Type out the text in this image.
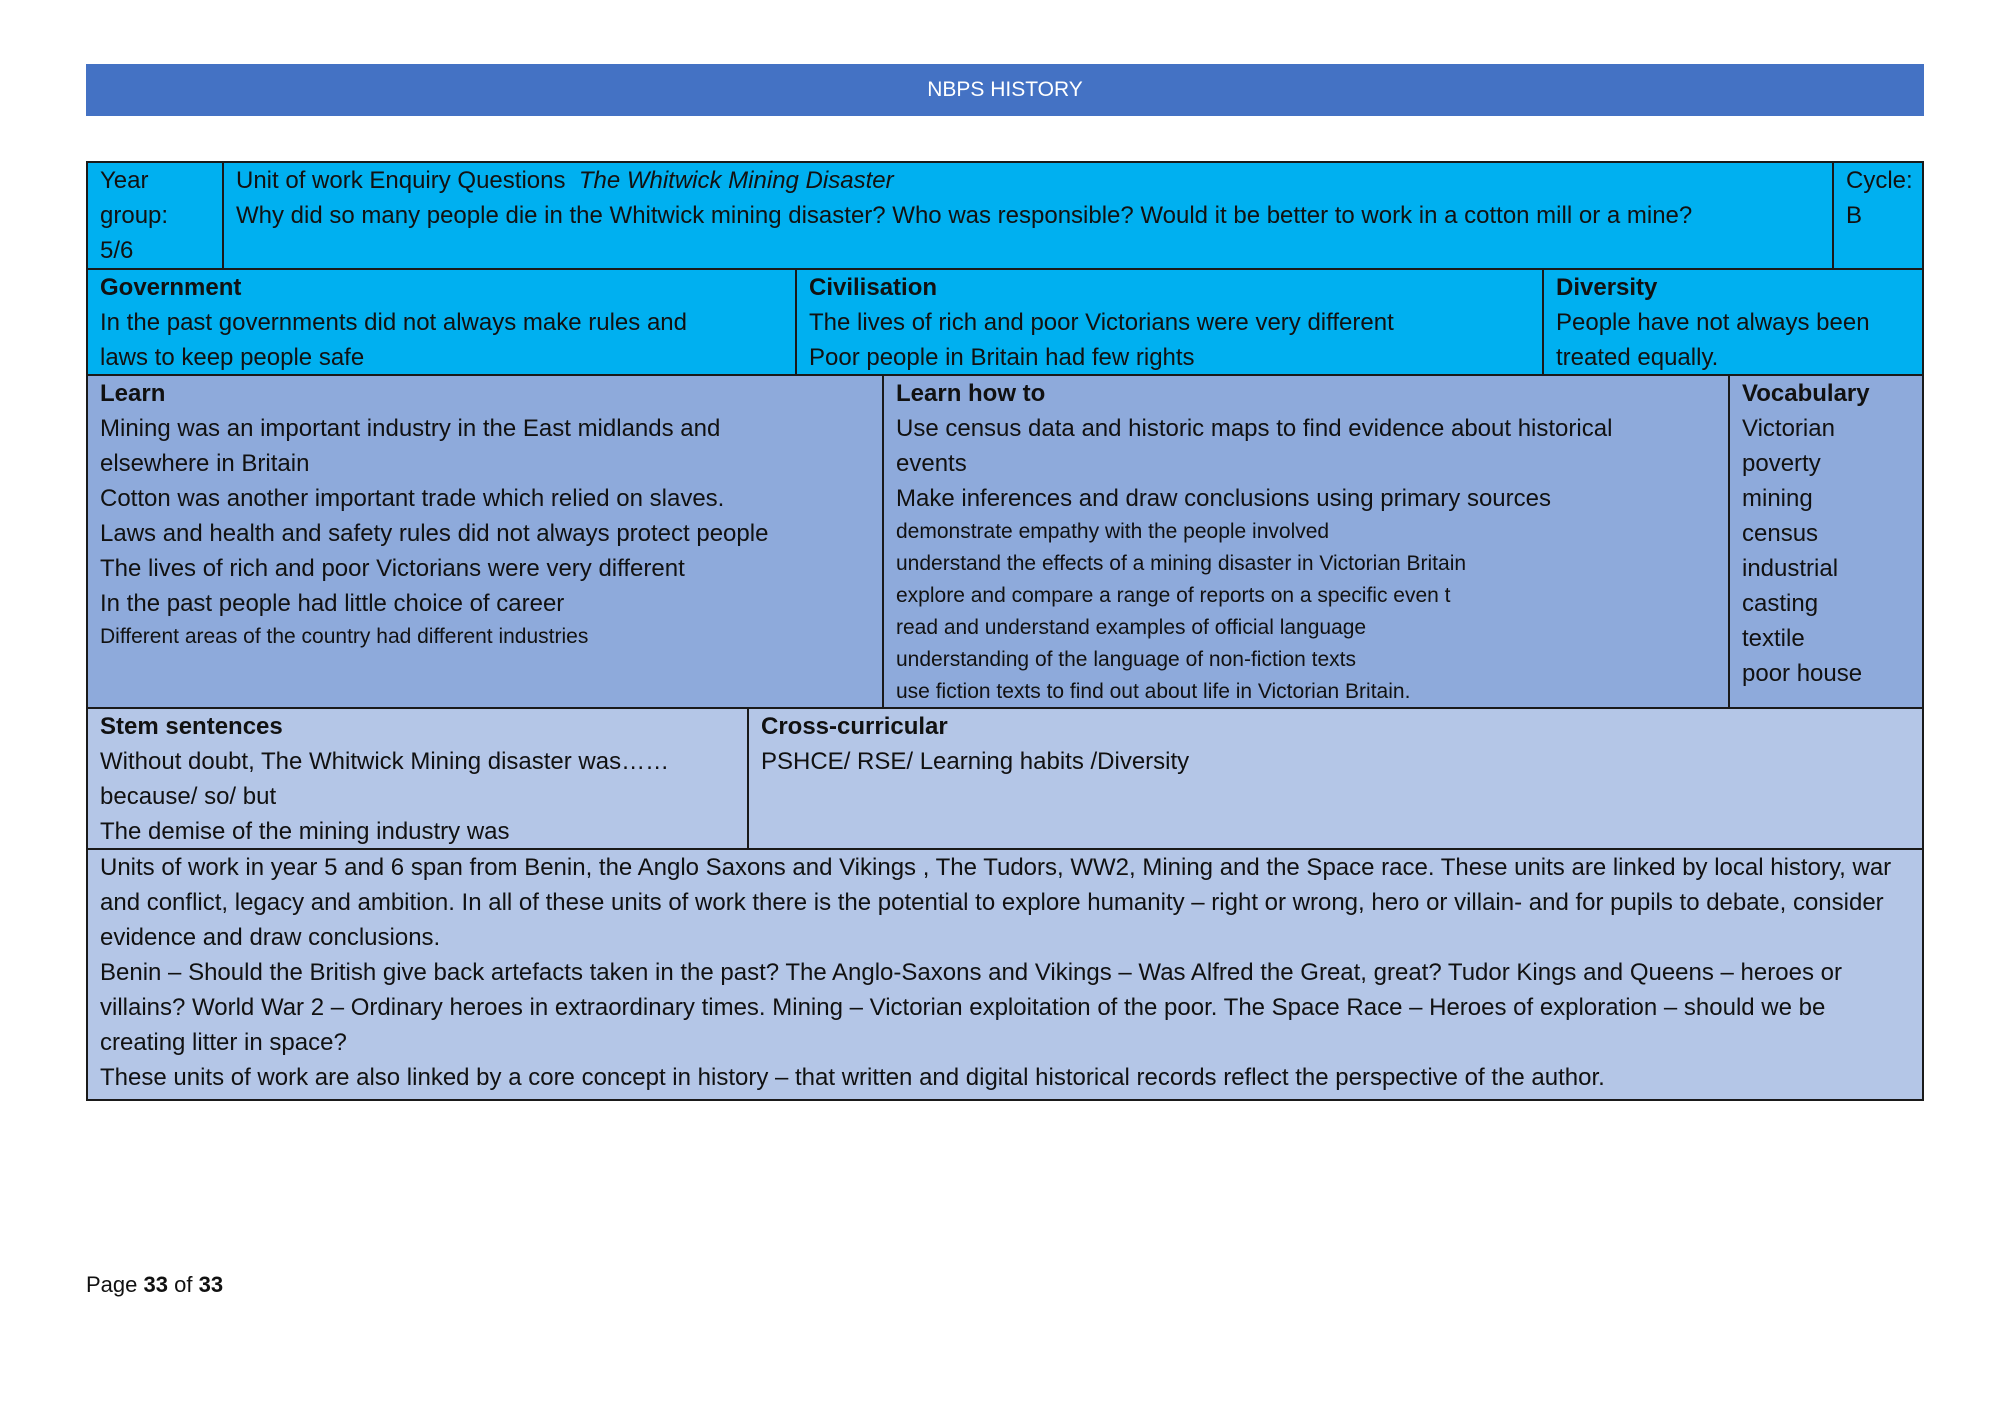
NBPS HISTORY
Year
group:
5/6
Unit of work Enquiry Questions The Whitwick Mining Disaster
Why did so many people die in the Whitwick mining disaster? Who was responsible? Would it be better to work in a cotton mill or a mine?
Cycle:
B
Government
In the past governments did not always make rules and
laws to keep people safe
Civilisation
The lives of rich and poor Victorians were very different
Poor people in Britain had few rights
Diversity
People have not always been
treated equally.
Learn
Mining was an important industry in the East midlands and
elsewhere in Britain
Cotton was another important trade which relied on slaves.
Laws and health and safety rules did not always protect people
The lives of rich and poor Victorians were very different
In the past people had little choice of career
Different areas of the country had different industries
Learn how to
Use census data and historic maps to find evidence about historical
events
Make inferences and draw conclusions using primary sources
demonstrate empathy with the people involved
understand the effects of a mining disaster in Victorian Britain
explore and compare a range of reports on a specific even t
read and understand examples of official language
understanding of the language of non-fiction texts
use fiction texts to find out about life in Victorian Britain.
Vocabulary
Victorian
poverty
mining
census
industrial
casting
textile
poor house
Stem sentences
Without doubt, The Whitwick Mining disaster was……
because/ so/ but
The demise of the mining industry was
Cross-curricular
PSHCE/ RSE/ Learning habits /Diversity
Units of work in year 5 and 6 span from Benin, the Anglo Saxons and Vikings , The Tudors, WW2, Mining and the Space race. These units are linked by local history, war and conflict, legacy and ambition. In all of these units of work there is the potential to explore humanity – right or wrong, hero or villain- and for pupils to debate, consider evidence and draw conclusions.
Benin – Should the British give back artefacts taken in the past? The Anglo-Saxons and Vikings – Was Alfred the Great, great? Tudor Kings and Queens – heroes or villains? World War 2 – Ordinary heroes in extraordinary times. Mining – Victorian exploitation of the poor. The Space Race – Heroes of exploration – should we be creating litter in space?
These units of work are also linked by a core concept in history – that written and digital historical records reflect the perspective of the author.
Page 33 of 33
